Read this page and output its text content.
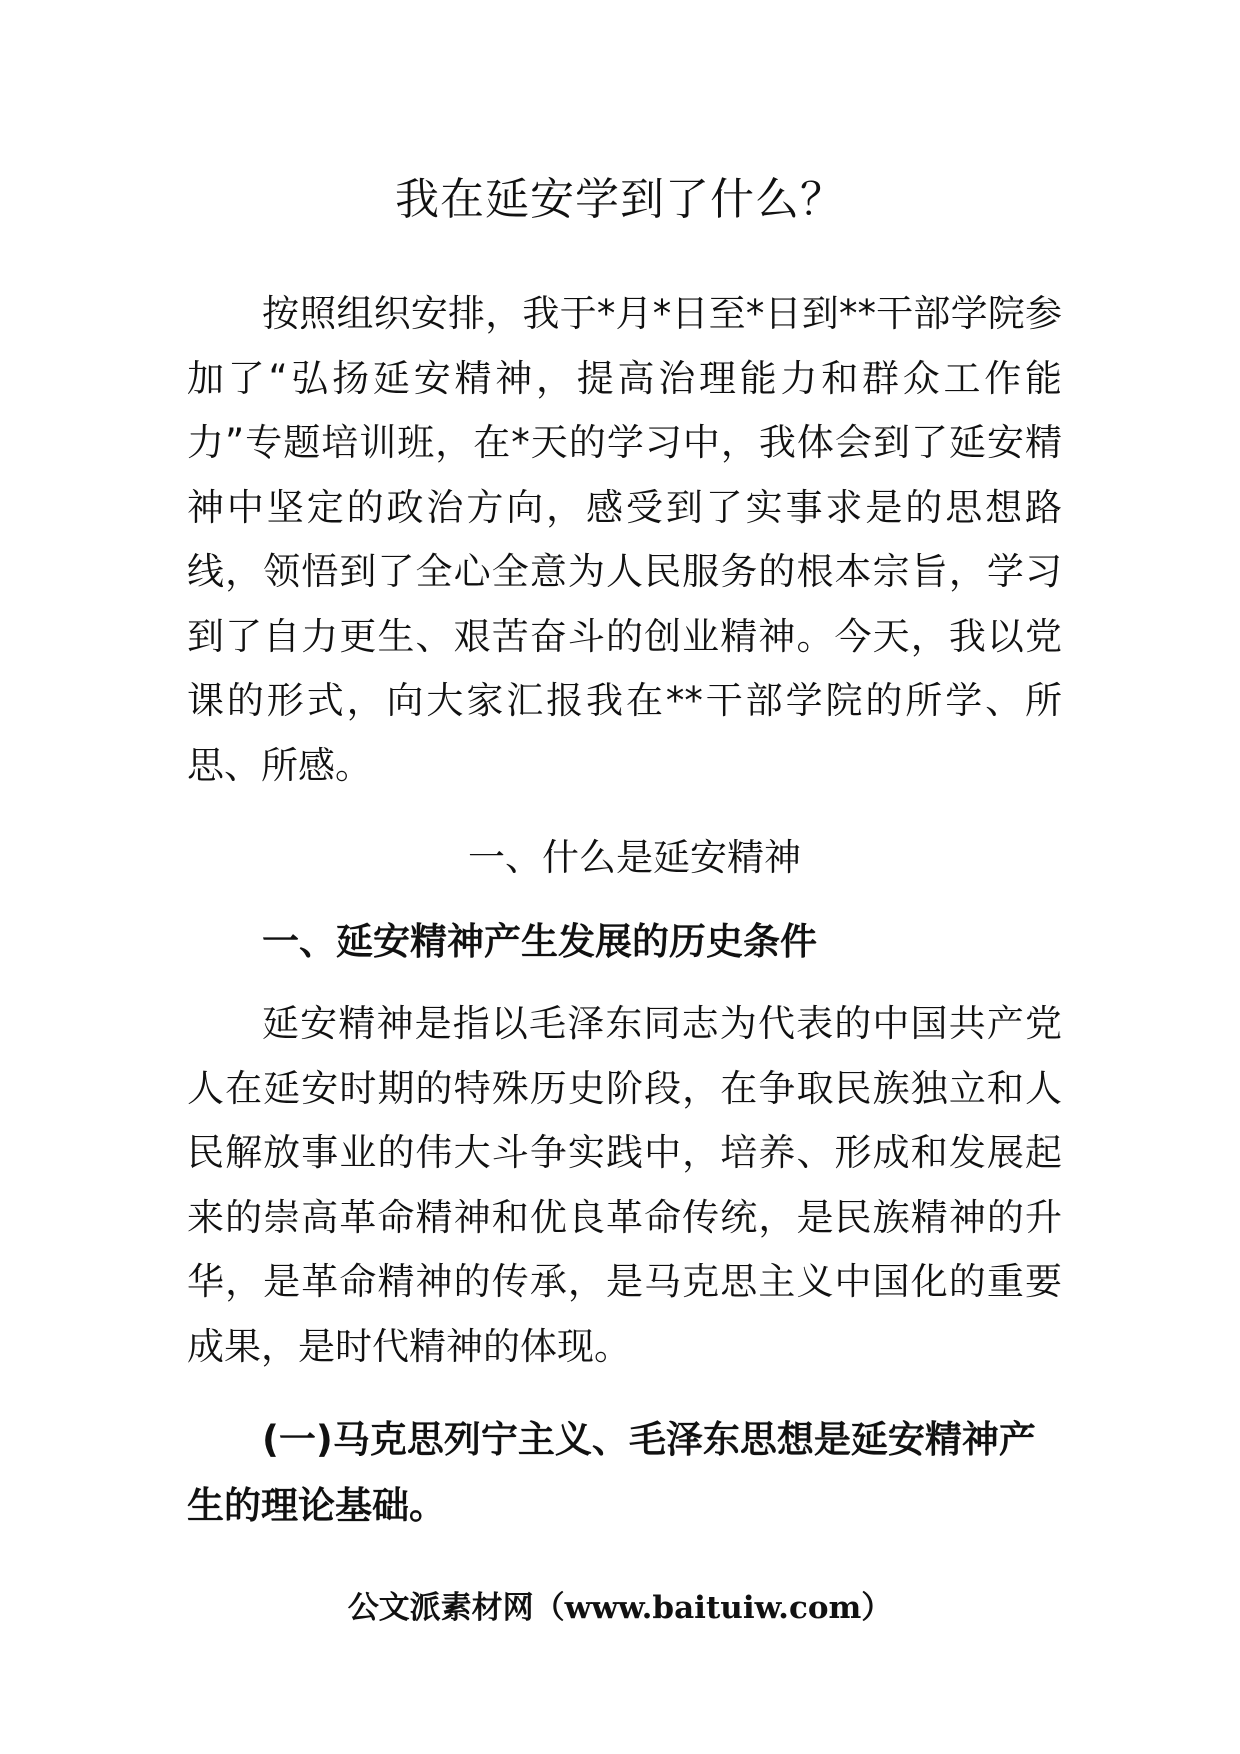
我在延安学到了什么？

按照组织安排，我于*月*日至*日到**干部学院参加了“弘扬延安精神，提高治理能力和群众工作能力”专题培训班，在*天的学习中，我体会到了延安精神中坚定的政治方向，感受到了实事求是的思想路线，领悟到了全心全意为人民服务的根本宗旨，学习到了自力更生、艰苦奋斗的创业精神。今天，我以党课的形式，向大家汇报我在**干部学院的所学、所思、所感。

一、什么是延安精神

一、延安精神产生发展的历史条件

延安精神是指以毛泽东同志为代表的中国共产党人在延安时期的特殊历史阶段，在争取民族独立和人民解放事业的伟大斗争实践中，培养、形成和发展起来的崇高革命精神和优良革命传统，是民族精神的升华，是革命精神的传承，是马克思主义中国化的重要成果，是时代精神的体现。

(一)马克思列宁主义、毛泽东思想是延安精神产生的理论基础。

公文派素材网（www.baituiw.com）
